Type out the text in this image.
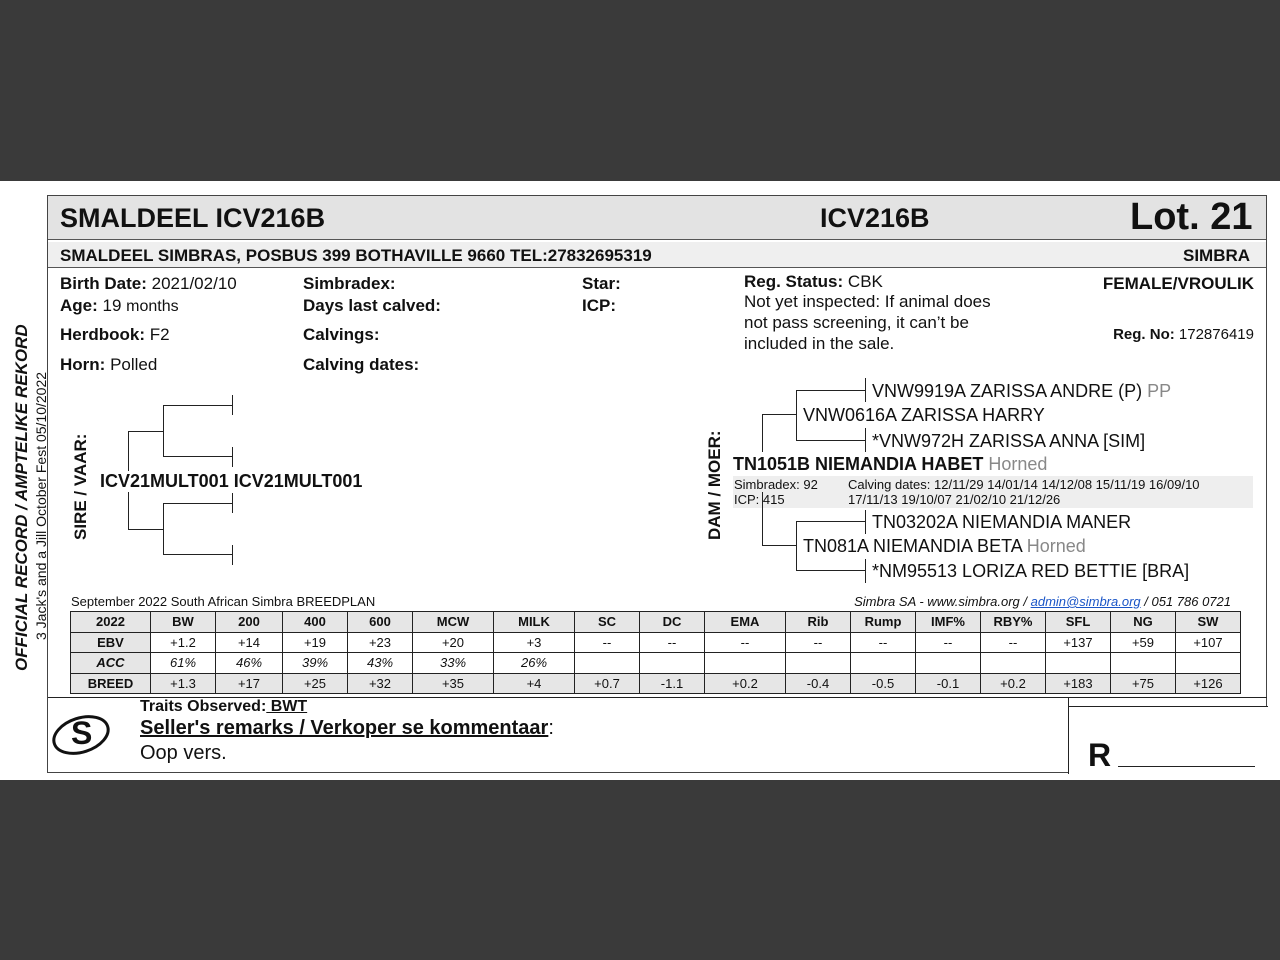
SMALDEEL ICV216B	ICV216B	Lot. 21
SMALDEEL SIMBRAS, POSBUS 399 BOTHAVILLE 9660 TEL:27832695319	SIMBRA
OFFICIAL RECORD / AMPTELIKE REKORD 3 Jack's and a Jill October Fest 05/10/2022
Birth Date: 2021/02/10
Age: 19 months
Herdbook: F2
Horn: Polled
Simbradex:
Days last calved:
Calvings:
Calving dates:
Star:
ICP:
Reg. Status: CBK
Not yet inspected: If animal does
not pass screening, it can’t be
included in the sale.
FEMALE/VROULIK
Reg. No: 172876419
SIRE / VAAR: ICV21MULT001 ICV21MULT001	DAM / MOER:
VNW9919A ZARISSA ANDRE (P) PP
VNW0616A ZARISSA HARRY
*VNW972H ZARISSA ANNA [SIM]
TN1051B NIEMANDIA HABET Horned
Simbradex: 92
ICP: 415
Calving dates: 12/11/29 14/01/14 14/12/08 15/11/19 16/09/10
17/11/13 19/10/07 21/02/10 21/12/26
TN03202A NIEMANDIA MANER
TN081A NIEMANDIA BETA Horned
*NM95513 LORIZA RED BETTIE [BRA]
September 2022 South African Simbra BREEDPLAN	Simbra SA - www.simbra.org / admin@simbra.org / 051 786 0721
2022	BW	200	400	600	MCW	MILK	SC	DC	EMA	Rib	Rump	IMF%	RBY%	SFL	NG	SW
EBV	+1.2	+14	+19	+23	+20	+3	--	--	--	--	--	--	--	+137	+59	+107
ACC	61%	46%	39%	43%	33%	26%										
BREED	+1.3	+17	+25	+32	+35	+4	+0.7	-1.1	+0.2	-0.4	-0.5	-0.1	+0.2	+183	+75	+126
S
Traits Observed: BWT
Seller's remarks / Verkoper se kommentaar:
Oop vers.	R
